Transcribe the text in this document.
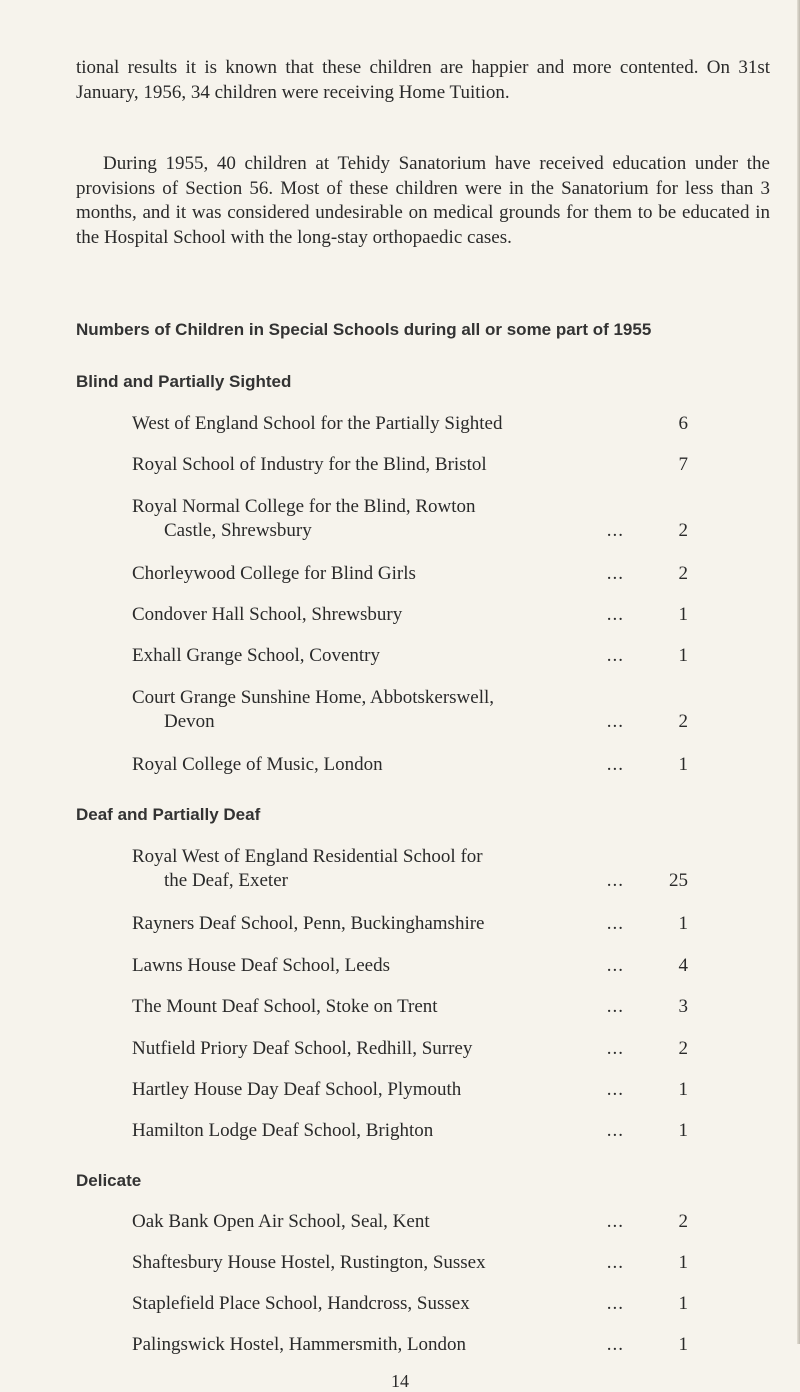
tional results it is known that these children are happier and more contented. On 31st January, 1956, 34 children were receiving Home Tuition.

During 1955, 40 children at Tehidy Sanatorium have received education under the provisions of Section 56. Most of these children were in the Sanatorium for less than 3 months, and it was considered undesirable on medical grounds for them to be educated in the Hospital School with the long-stay orthopaedic cases.

Numbers of Children in Special Schools during all or some part of 1955
Blind and Partially Sighted
West of England School for the Partially Sighted	6
Royal School of Industry for the Blind, Bristol	7
Royal Normal College for the Blind, Rowton
Castle, Shrewsbury	...	2
Chorleywood College for Blind Girls	...	2
Condover Hall School, Shrewsbury	...	1
Exhall Grange School, Coventry	...	1
Court Grange Sunshine Home, Abbotskerswell,
Devon	...	2
Royal College of Music, London	...	1
Deaf and Partially Deaf
Royal West of England Residential School for
the Deaf, Exeter	...	25
Rayners Deaf School, Penn, Buckinghamshire	...	1
Lawns House Deaf School, Leeds	...	4
The Mount Deaf School, Stoke on Trent	...	3
Nutfield Priory Deaf School, Redhill, Surrey	...	2
Hartley House Day Deaf School, Plymouth	...	1
Hamilton Lodge Deaf School, Brighton	...	1
Delicate
Oak Bank Open Air School, Seal, Kent	...	2
Shaftesbury House Hostel, Rustington, Sussex	...	1
Staplefield Place School, Handcross, Sussex	...	1
Palingswick Hostel, Hammersmith, London	...	1
14
